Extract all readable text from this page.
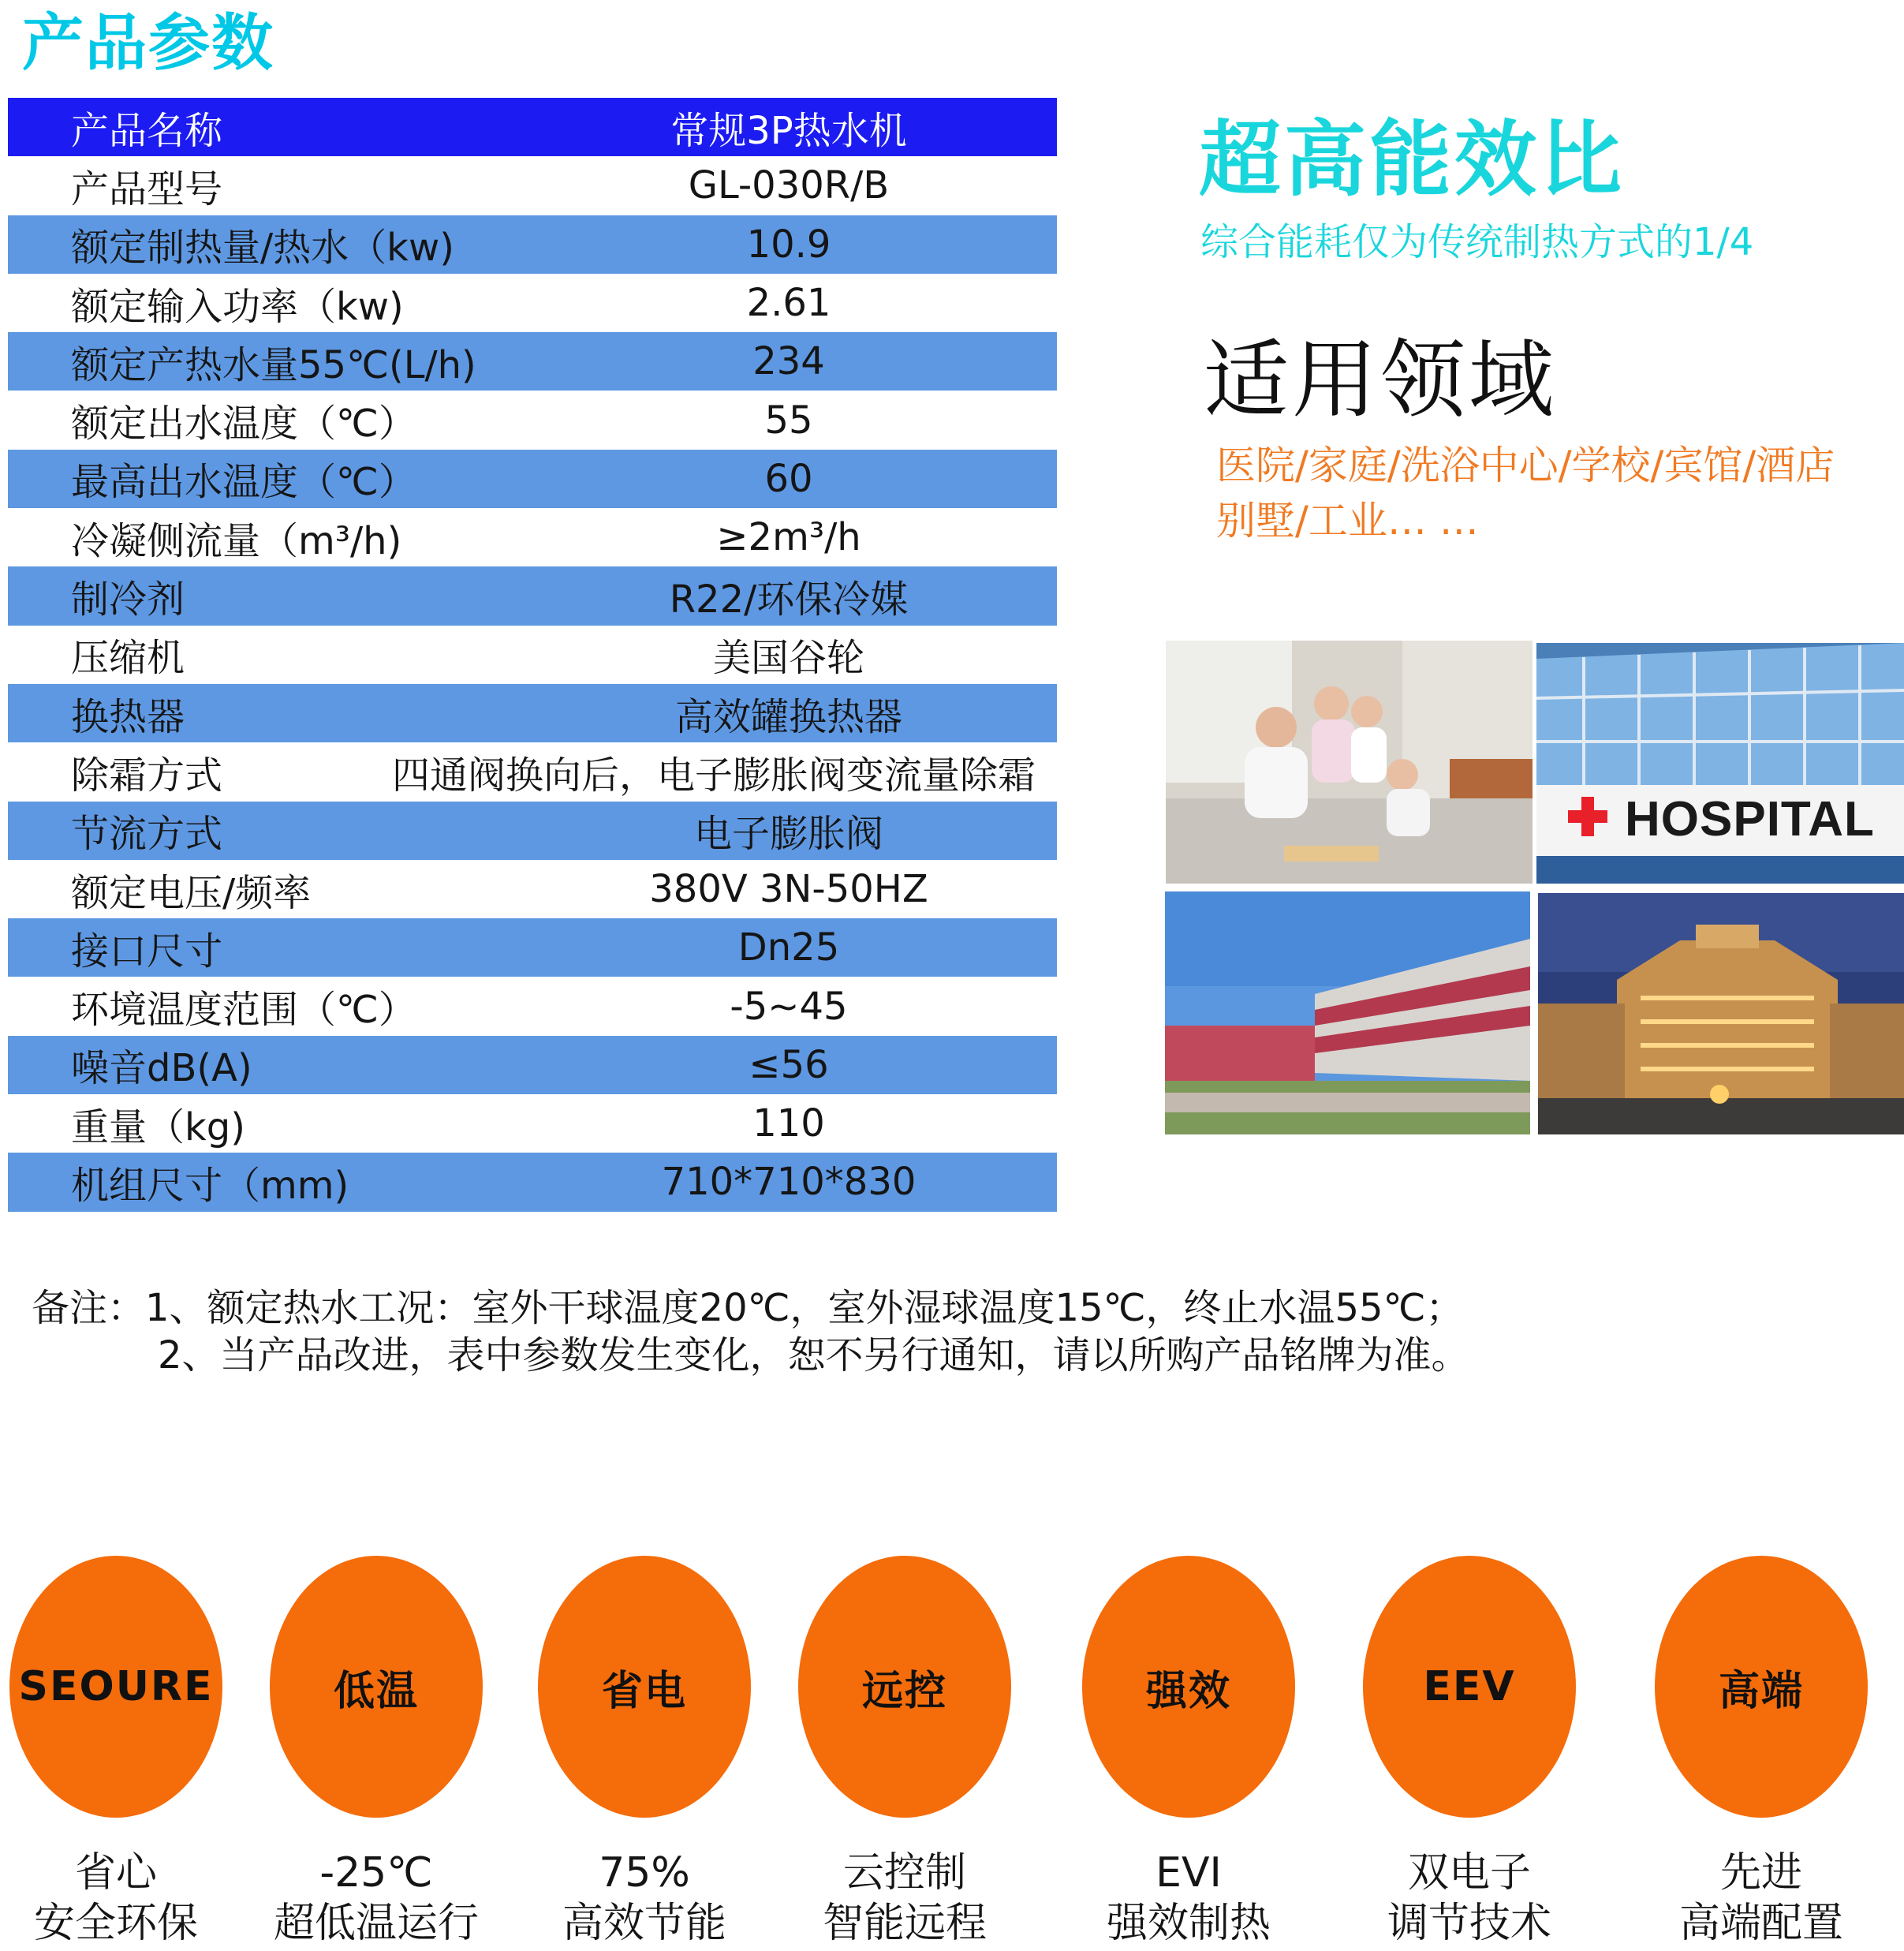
产品参数
产品名称	常规3P热水机
产品型号	GL-030R/B
额定制热量/热水（kw)	10.9
额定输入功率（kw)	2.61
额定产热水量55℃(L/h)	234
额定出水温度（℃）	55
最高出水温度（℃）	60
冷凝侧流量（m³/h)	≥2m³/h
制冷剂	R22/环保冷媒
压缩机	美国谷轮
换热器	高效罐换热器
除霜方式	四通阀换向后，电子膨胀阀变流量除霜
节流方式	电子膨胀阀
额定电压/频率	380V 3N-50HZ
接口尺寸	Dn25
环境温度范围（℃）	-5~45
噪音dB(A)	≤56
重量（kg)	110
机组尺寸（mm)	710*710*830
超高能效比
综合能耗仅为传统制热方式的1/4
适用领域
医院/家庭/洗浴中心/学校/宾馆/酒店
别墅/工业… …
HOSPITAL
备注：1、额定热水工况：室外干球温度20℃，室外湿球温度15℃，终止水温55℃；
2、当产品改进，表中参数发生变化，恕不另行通知，请以所购产品铭牌为准。
SEOURE
省心
安全环保
低温
-25℃
超低温运行
省电
75%
高效节能
远控
云控制
智能远程
强效
EVI
强效制热
EEV
双电子
调节技术
高端
先进
高端配置
